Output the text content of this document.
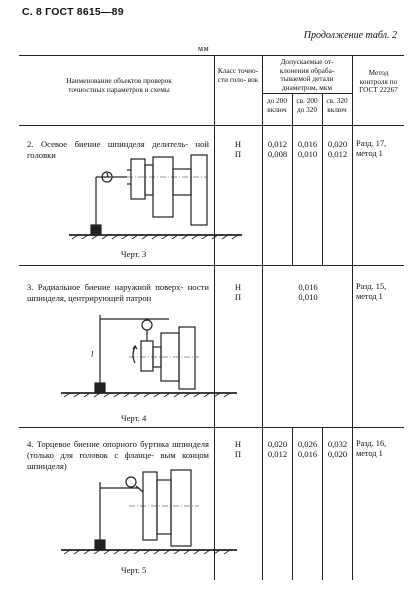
С. 8 ГОСТ 8615—89
Продолжение табл. 2
мм
Наименование объектов проверок точностных параметров и схемы
Класс точно- сти голо- вок
Допускаемые от- клонения обраба- тываемой детали диаметром, мкм
до 200 включ
св. 200 до 320
св. 320 включ
Метод контроля по ГОСТ 22267
2. Осевое биение шпинделя делитель- ной головки
Н
П
0,012
0,008
0,016
0,010
0,020
0,012
Разд. 17, метод 1
Черт. 3
3. Радиальное биение наружной поверх- ности шпинделя, центрирующей патрон
Н
П
0,016
0,010
Разд. 15, метод 1
Черт. 4
l
4. Торцевое биение опорного буртика шпинделя (только для головок с фланце- вым концом шпинделя)
Н
П
0,020
0,012
0,026
0,016
0,032
0,020
Разд. 16, метод 1
Черт. 5
